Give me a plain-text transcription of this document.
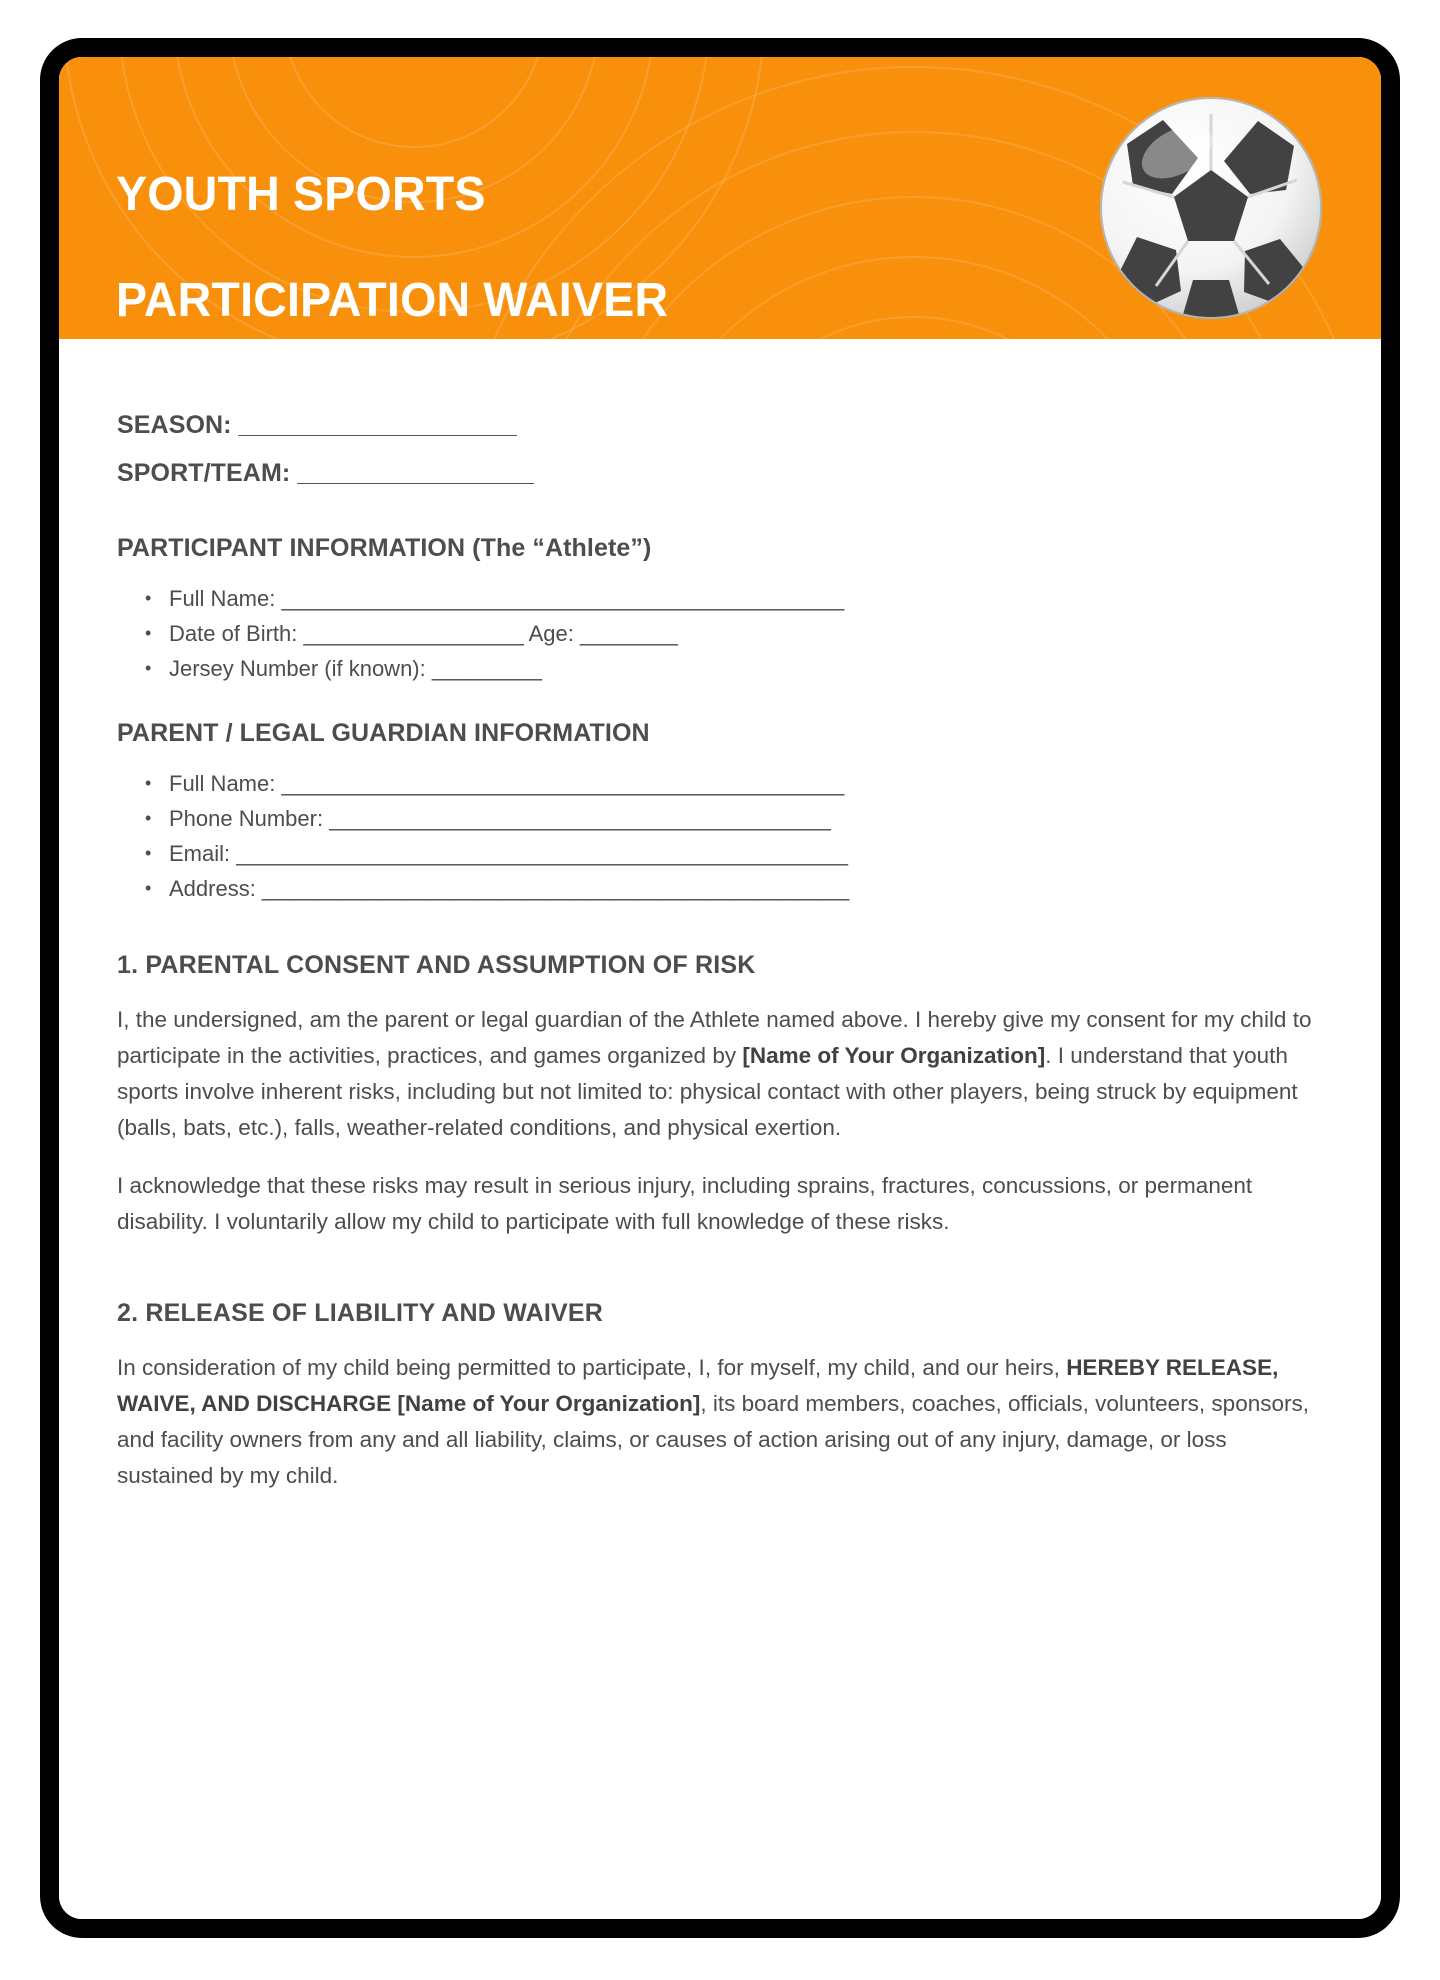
YOUTH SPORTS

PARTICIPATION WAIVER

SEASON: ____________________
SPORT/TEAM: _________________
PARTICIPANT INFORMATION (The “Athlete”)
• Full Name: ______________________________________________
• Date of Birth: __________________ Age: ________
• Jersey Number (if known): _________
PARENT / LEGAL GUARDIAN INFORMATION
• Full Name: ______________________________________________
• Phone Number: _________________________________________
• Email: __________________________________________________
• Address: ________________________________________________
1. PARENTAL CONSENT AND ASSUMPTION OF RISK

I, the undersigned, am the parent or legal guardian of the Athlete named above. I hereby give my consent for my child to participate in the activities, practices, and games organized by [Name of Your Organization]. I understand that youth sports involve inherent risks, including but not limited to: physical contact with other players, being struck by equipment (balls, bats, etc.), falls, weather-related conditions, and physical exertion.

I acknowledge that these risks may result in serious injury, including sprains, fractures, concussions, or permanent disability. I voluntarily allow my child to participate with full knowledge of these risks.

2. RELEASE OF LIABILITY AND WAIVER

In consideration of my child being permitted to participate, I, for myself, my child, and our heirs, HEREBY RELEASE, WAIVE, AND DISCHARGE [Name of Your Organization], its board members, coaches, officials, volunteers, sponsors, and facility owners from any and all liability, claims, or causes of action arising out of any injury, damage, or loss sustained by my child.
